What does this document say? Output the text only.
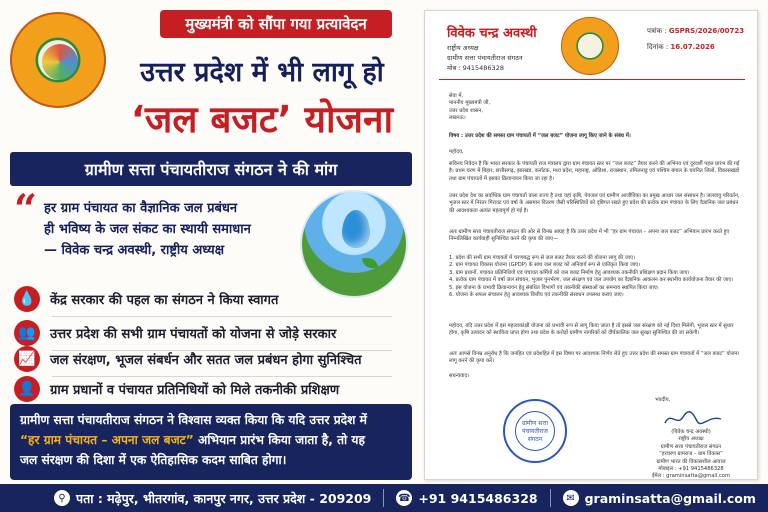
मुख्यमंत्री को सौंपा गया प्रत्यावेदन
उत्तर प्रदेश में भी लागू हो
‘जल बजट’ योजना
ग्रामीण सत्ता पंचायतीराज संगठन ने की मांग
“ हर ग्राम पंचायत का वैज्ञानिक जल प्रबंधन
ही भविष्य के जल संकट का स्थायी समाधान
— विवेक चन्द्र अवस्थी, राष्ट्रीय अध्यक्ष
💧	केंद्र सरकार की पहल का संगठन ने किया स्वागत
👥	उत्तर प्रदेश की सभी ग्राम पंचायतों को योजना से जोड़े सरकार
📈	जल संरक्षण, भूजल संबर्धन और सतत जल प्रबंधन होगा सुनिश्चित
👤	ग्राम प्रधानों व पंचायत प्रतिनिधियों को मिले तकनीकी प्रशिक्षण
ग्रामीण सत्ता पंचायतीराज संगठन ने विश्वास व्यक्त किया कि यदि उत्तर प्रदेश में
“हर ग्राम पंचायत – अपना जल बजट” अभियान प्रारंभ किया जाता है, तो यह
जल संरक्षण की दिशा में एक ऐतिहासिक कदम साबित होगा।
विवेक चन्द्र अवस्थी
राष्ट्रीय अध्यक्ष
ग्रामीण सत्ता पंचायतीराज संगठन
मोब : 9415486328
पत्रांक : GSPRS/2026/00723
दिनांक : 16.07.2026
सेवा में,
माननीय मुख्यमंत्री जी,
उत्तर प्रदेश शासन,
लखनऊ।
विषय : उत्तर प्रदेश की समस्त ग्राम पंचायतों में “जल बजट” योजना लागू किए जाने के संबंध में।
महोदय,
सविनय निवेदन है कि भारत सरकार के पंचायती राज मंत्रालय द्वारा ग्राम पंचायत स्तर पर “जल बजट” तैयार करने की अभिनव एवं दूरदर्शी पहल प्रारंभ की गई है। प्रथम चरण में बिहार, छत्तीसगढ़, झारखंड, कर्नाटक, मध्य प्रदेश, महाराष्ट्र, ओडिशा, राजस्थान, तमिलनाडु एवं पश्चिम बंगाल के चयनित जिलों, विकासखंडों तथा ग्राम पंचायतों में इसका क्रियान्वयन किया जा रहा है।
उत्तर प्रदेश देश का सर्वाधिक ग्राम पंचायतों वाला राज्य है तथा यहां कृषि, पेयजल एवं ग्रामीण आजीविका का प्रमुख आधार जल संसाधन है। जलवायु परिवर्तन, भूजल स्तर में निरंतर गिरावट एवं वर्षा के असमान वितरण जैसी परिस्थितियों को दृष्टिगत रखते हुए प्रदेश की प्रत्येक ग्राम पंचायत के लिए वैज्ञानिक जल प्रबंधन की आवश्यकता अत्यंत महत्वपूर्ण हो गई है।
अतः ग्रामीण सत्ता पंचायतीराज संगठन की ओर से विनम्र आग्रह है कि उत्तर प्रदेश में भी “हर ग्राम पंचायत – अपना जल बजट” अभियान प्रारंभ करते हुए निम्नलिखित कार्यवाही सुनिश्चित करने की कृपा की जाए—
1. प्रदेश की सभी ग्राम पंचायतों में चरणबद्ध रूप से जल बजट तैयार करने की योजना लागू की जाए।
2. ग्राम पंचायत विकास योजना (GPDP) के साथ जल बजट को अनिवार्य रूप से एकीकृत किया जाए।
3. ग्राम प्रधानों, पंचायत प्रतिनिधियों एवं पंचायत कर्मियों को जल बजट निर्माण हेतु आवश्यक तकनीकी प्रशिक्षण प्रदान किया जाए।
4. प्रत्येक ग्राम पंचायत में वर्षा जल संचयन, भूजल पुनर्भरण, जल संरक्षण एवं जल उपयोग का वैज्ञानिक आकलन कर स्थानीय कार्ययोजना तैयार की जाए।
5. इस योजना के प्रभावी क्रियान्वयन हेतु संबंधित विभागों एवं तकनीकी संस्थाओं का समन्वय स्थापित किया जाए।
6. योजना के सफल संचालन हेतु आवश्यक वित्तीय एवं तकनीकी संसाधन उपलब्ध कराए जाएं।
महोदय, यदि उत्तर प्रदेश में इस महत्वाकांक्षी योजना को प्रभावी रूप से लागू किया जाता है तो इससे जल संरक्षण को नई दिशा मिलेगी, भूजल स्तर में सुधार होगा, कृषि उत्पादन को स्थायित्व प्राप्त होगा तथा प्रदेश के करोड़ों ग्रामीण नागरिकों को दीर्घकालिक जल सुरक्षा सुनिश्चित की जा सकेगी।
अतः आपसे विनम्र अनुरोध है कि जनहित एवं प्रदेशहित में इस विषय पर आवश्यक निर्णय लेते हुए उत्तर प्रदेश की समस्त ग्राम पंचायतों में “जल बजट” योजना लागू करने की कृपा करें।
सधन्यवाद।
ग्रामीण सत्ता पंचायतीराज संगठन
भवदीय,
(विवेक चन्द्र अवस्थी)
राष्ट्रीय अध्यक्ष
ग्रामीण सत्ता पंचायतीराज संगठन
“हरचरण ग्रामराज – ग्राम विकास”
ग्रामीण भारत की विकासशील आवाज
मोबाइल : +91 9415486328
ईमेल : graminsatta@gmail.com
⚲ पता : मढ़ेपुर, भीतरगांव, कानपुर नगर, उत्तर प्रदेश - 209209	☎ +91 9415486328	✉ graminsatta@gmail.com
